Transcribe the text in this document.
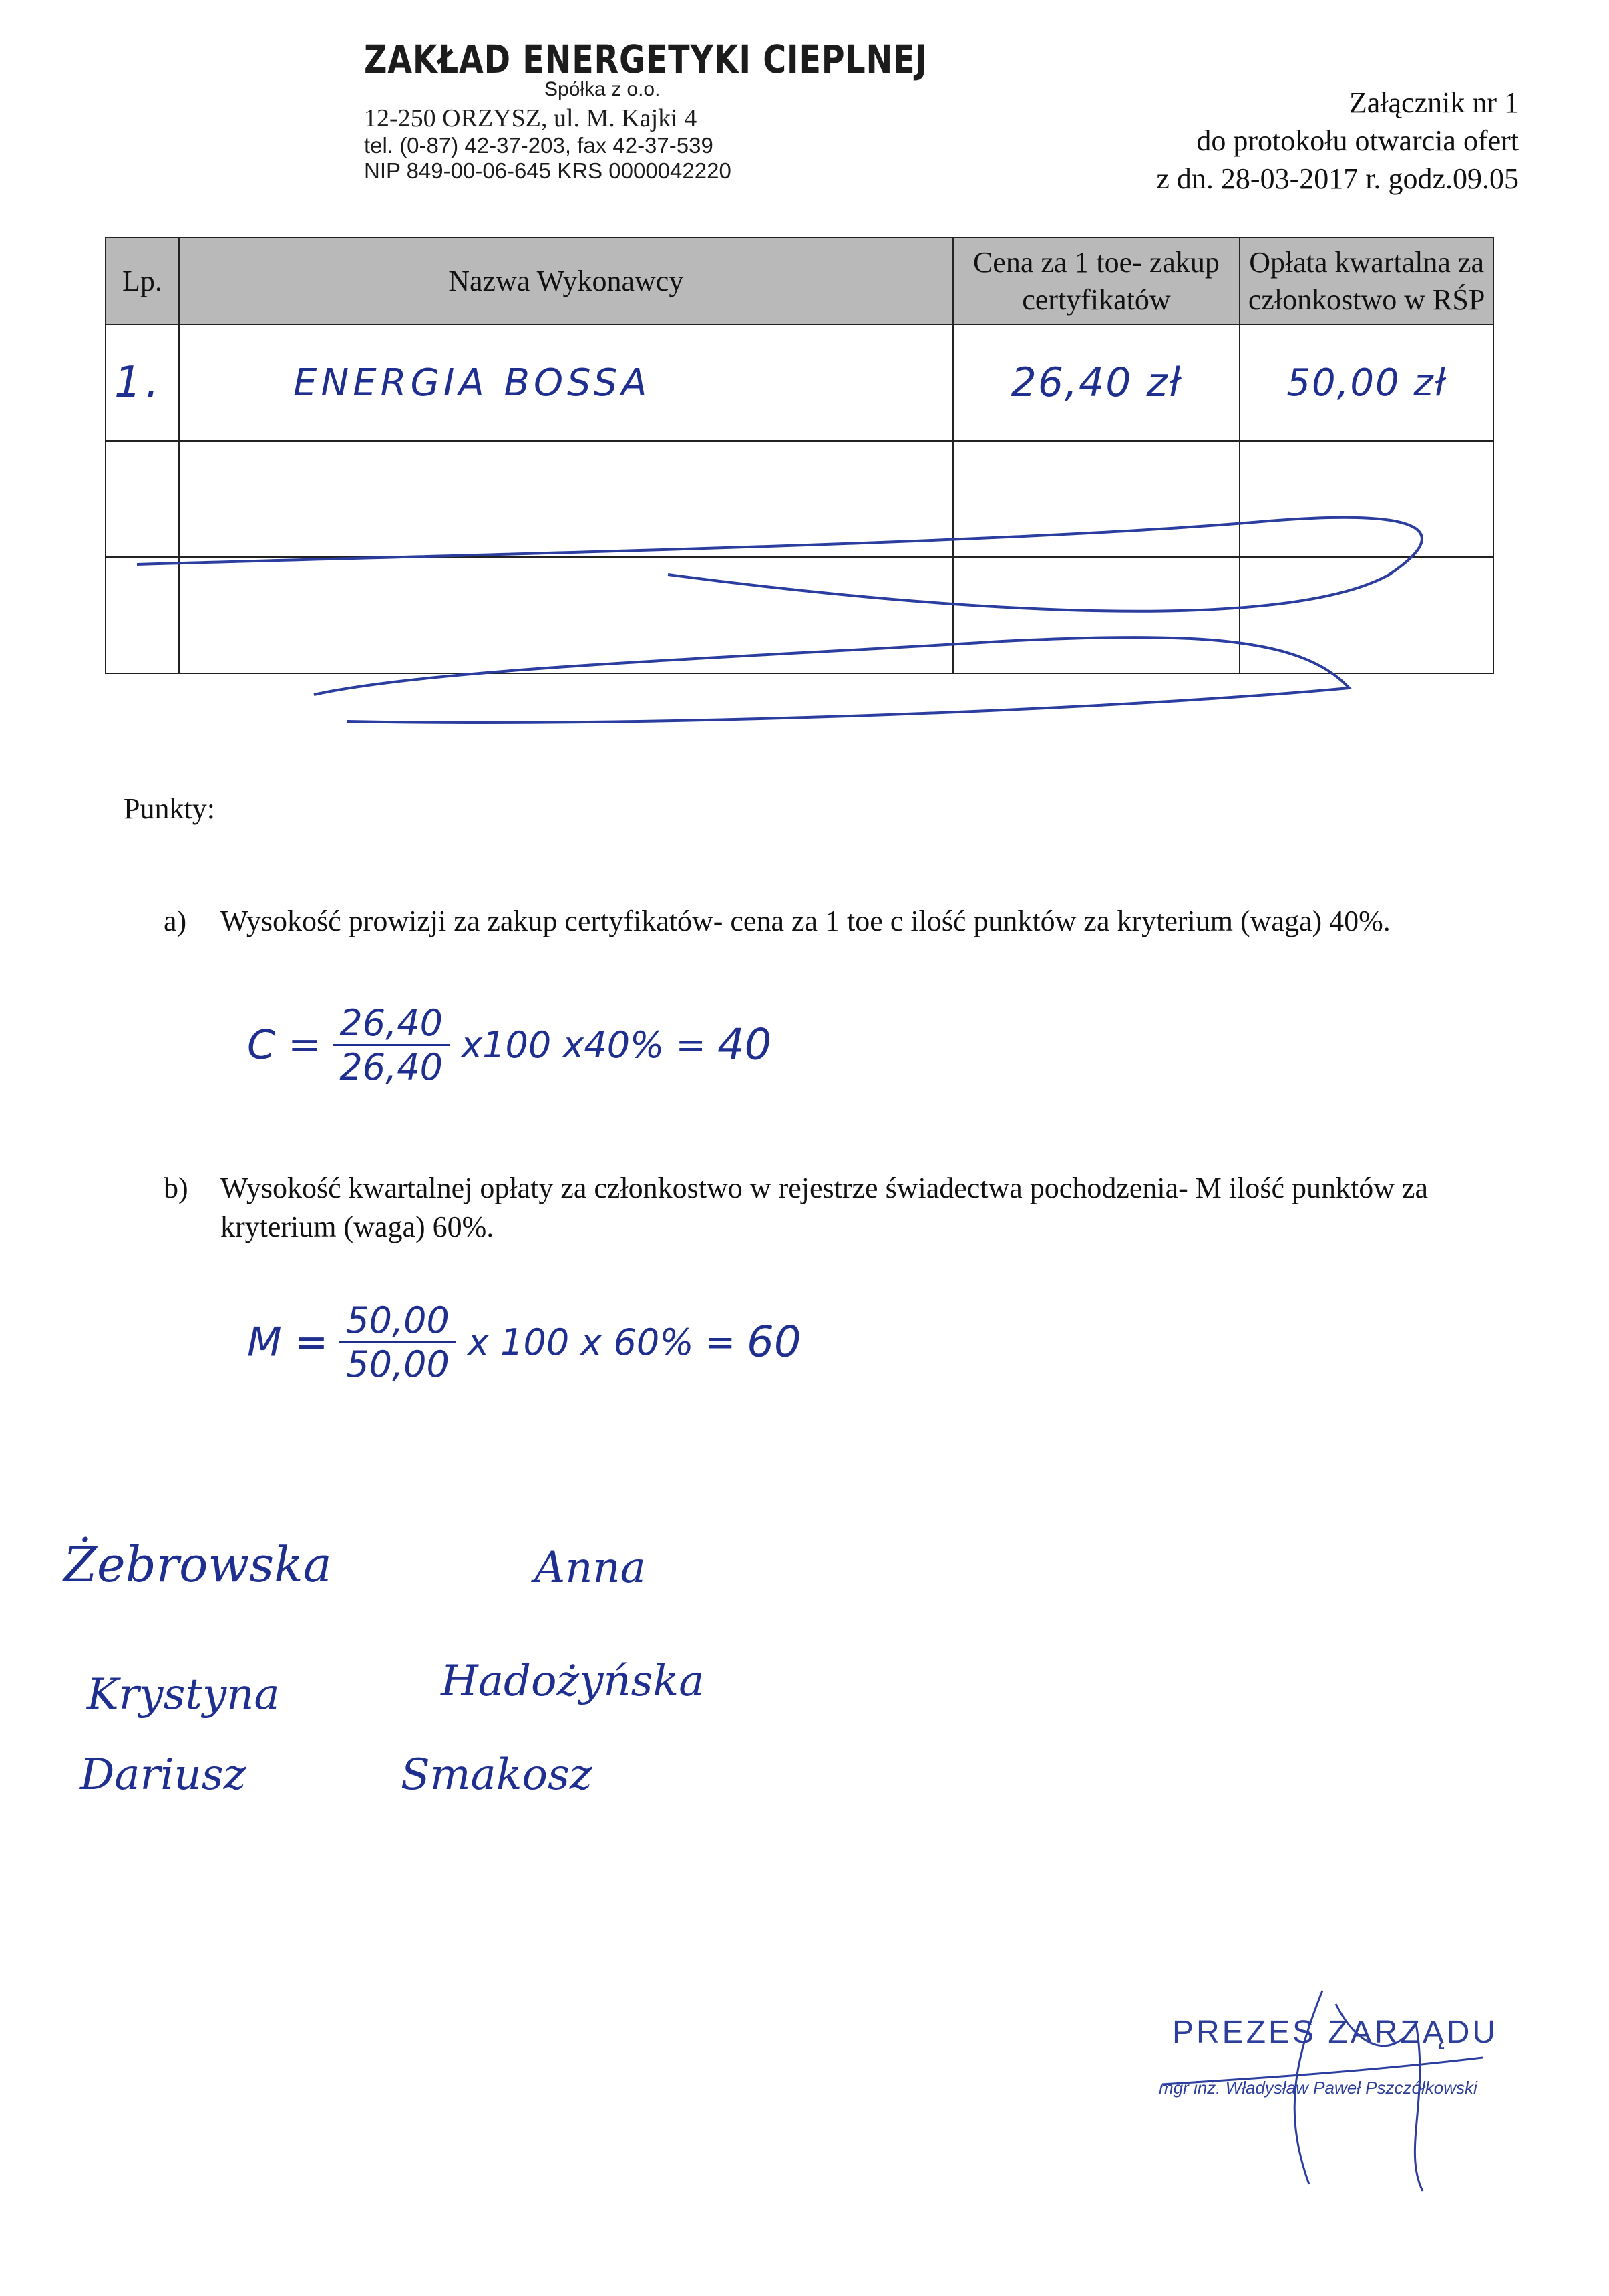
ZAKŁAD ENERGETYKI CIEPLNEJ
Spółka z o.o.
12-250 ORZYSZ, ul. M. Kajki 4
tel. (0-87) 42-37-203, fax 42-37-539
NIP 849-00-06-645 KRS 0000042220
Załącznik nr 1
do protokołu otwarcia ofert
z dn. 28-03-2017 r. godz.09.05
Lp.	Nazwa Wykonawcy	Cena za 1 toe- zakup certyfikatów	Opłata kwartalna za członkostwo w RŚP
1.	ENERGIA BOSSA	26,40 zł	50,00 zł

Punkty:
a) Wysokość prowizji za zakup certyfikatów- cena za 1 toe c ilość punktów za kryterium (waga) 40%.
$C = \frac{26,40}{26,40} x100$ x40% = 40
b) Wysokość kwartalnej opłaty za członkostwo w rejestrze świadectwa pochodzenia- M ilość punktów za kryterium (waga) 60%.
$M = \frac{50,00}{50,00}$ x 100 x 60% = 60
Żebrowska	Anna
Krystyna	Hadożyńska
Dariusz	Smakosz
PREZES ZARZĄDU
mgr inż. Władysław Paweł Pszczółkowski
